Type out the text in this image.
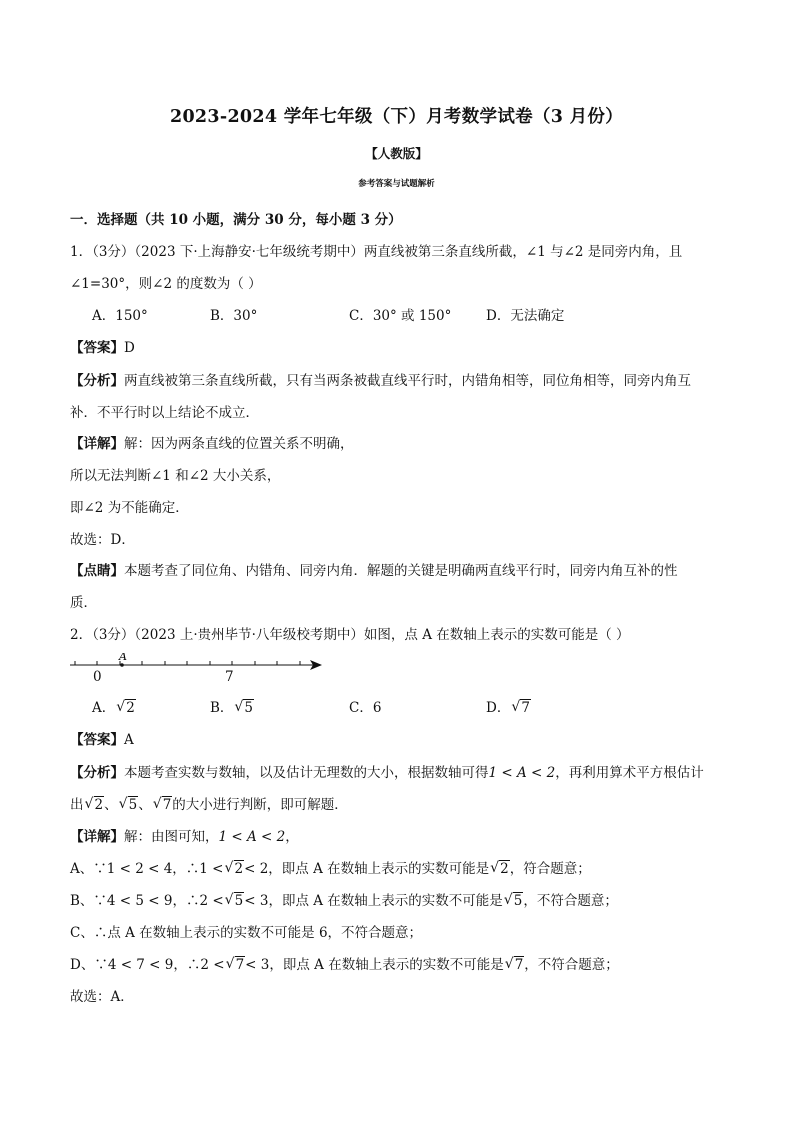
2023-2024 学年七年级（下）月考数学试卷（3 月份）
【人教版】
参考答案与试题解析
一．选择题（共 10 小题，满分 30 分，每小题 3 分）
1．（3分）（2023 下·上海静安·七年级统考期中）两直线被第三条直线所截，∠1 与∠2 是同旁内角，且
∠1=30°，则∠2 的度数为（ ）
A．150°	B．30°	C．30° 或 150°	D．无法确定
【答案】D
【分析】两直线被第三条直线所截，只有当两条被截直线平行时，内错角相等，同位角相等，同旁内角互
补．不平行时以上结论不成立．
【详解】解：因为两条直线的位置关系不明确，
所以无法判断∠1 和∠2 大小关系，
即∠2 为不能确定．
故选：D．
【点睛】本题考查了同位角、内错角、同旁内角．解题的关键是明确两直线平行时，同旁内角互补的性
质．
2．（3分）（2023 上·贵州毕节·八年级校考期中）如图，点 A 在数轴上表示的实数可能是（ ）
A
0	7
A． √ 2	B． √ 5	C．6	D． √ 7
【答案】A
【分析】本题考查实数与数轴，以及估计无理数的大小，根据数轴可得1 < A < 2，再利用算术平方根估计
出 √ 2、 √ 5、 √ 7的大小进行判断，即可解题．
【详解】解：由图可知，1 < A < 2，
A、∵1 < 2 < 4，∴1 < √ 2< 2，即点 A 在数轴上表示的实数可能是 √ 2，符合题意；
B、∵4 < 5 < 9，∴2 < √ 5< 3，即点 A 在数轴上表示的实数不可能是 √ 5，不符合题意；
C、∴点 A 在数轴上表示的实数不可能是 6，不符合题意；
D、∵4 < 7 < 9，∴2 < √ 7< 3，即点 A 在数轴上表示的实数不可能是 √ 7，不符合题意；
故选：A．
